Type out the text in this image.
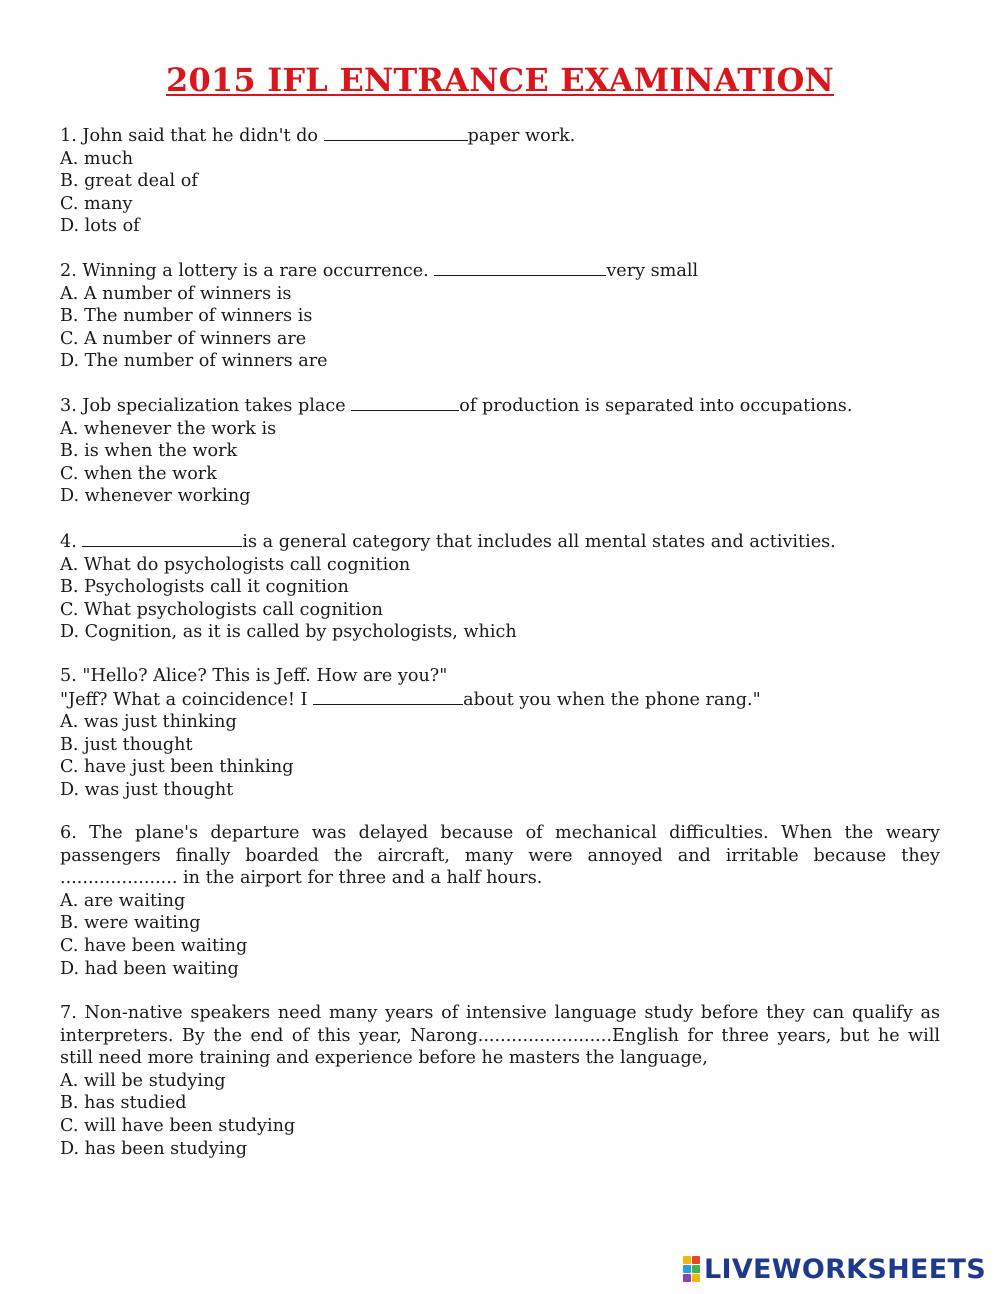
2015 IFL ENTRANCE EXAMINATION

1. John said that he didn't do	paper work.

A. much

B. great deal of

C. many

D. lots of

2. Winning a lottery is a rare occurrence.	very small

A. A number of winners is

B. The number of winners is

C. A number of winners are

D. The number of winners are

3. Job specialization takes place	of production is separated into occupations.

A. whenever the work is

B. is when the work

C. when the work

D. whenever working

4.	is a general category that includes all mental states and activities.

A. What do psychologists call cognition

B. Psychologists call it cognition

C. What psychologists call cognition

D. Cognition, as it is called by psychologists, which

5. "Hello? Alice? This is Jeff. How are you?"

"Jeff? What a coincidence! I	about you when the phone rang."

A. was just thinking

B. just thought

C. have just been thinking

D. was just thought

6. The plane's departure was delayed because of mechanical difficulties. When the weary passengers finally boarded the aircraft, many were annoyed and irritable because they ..................... in the airport for three and a half hours.

A. are waiting

B. were waiting

C. have been waiting

D. had been waiting

7. Non-native speakers need many years of intensive language study before they can qualify as interpreters. By the end of this year, Narong........................English for three years, but he will still need more training and experience before he masters the language,

A. will be studying

B. has studied

C. will have been studying

D. has been studying

LIVEWORKSHEETS
